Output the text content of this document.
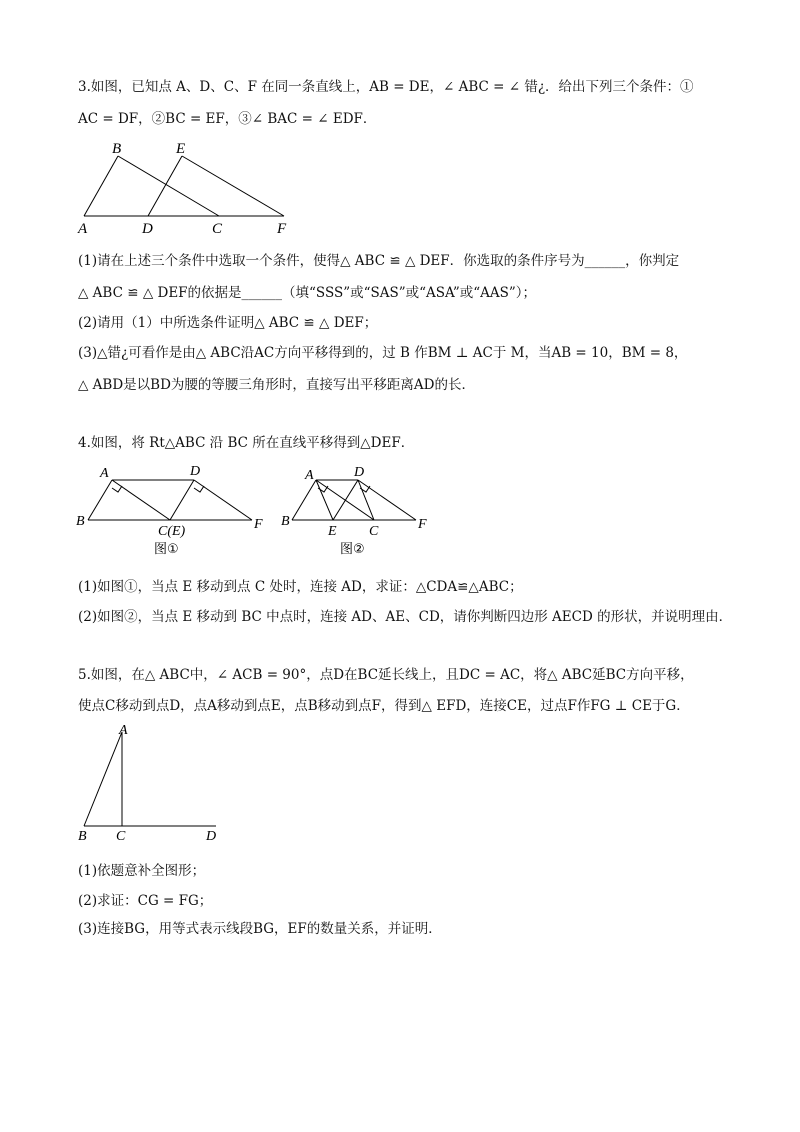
3.如图，已知点 A、D、C、F 在同一条直线上，AB = DE，∠ ABC = ∠ 错¿．给出下列三个条件：①
AC = DF，②BC = EF，③∠ BAC = ∠ EDF．
B	E
A	D	C	F
(1)请在上述三个条件中选取一个条件，使得△ ABC ≌ △ DEF．你选取的条件序号为______，你判定
△ ABC ≌ △ DEF的依据是______（填“SSS”或“SAS”或“ASA”或“AAS”）；
(2)请用（1）中所选条件证明△ ABC ≌ △ DEF；
(3)△错¿可看作是由△ ABC沿AC方向平移得到的，过 B 作BM ⊥ AC于 M，当AB = 10，BM = 8，
△ ABD是以BD为腰的等腰三角形时，直接写出平移距离AD的长．
4.如图，将 Rt△ABC 沿 BC 所在直线平移得到△DEF．
A	D
B
C(E)	F
图①
A	D
B
E C	F
图②
(1)如图①，当点 E 移动到点 C 处时，连接 AD，求证：△CDA≌△ABC；
(2)如图②，当点 E 移动到 BC 中点时，连接 AD、AE、CD，请你判断四边形 AECD 的形状，并说明理由．
5.如图，在△ ABC中，∠ ACB = 90°，点D在BC延长线上，且DC = AC，将△ ABC延BC方向平移，
使点C移动到点D，点A移动到点E，点B移动到点F，得到△ EFD，连接CE，过点F作FG ⊥ CE于G．
A
B C	D
(1)依题意补全图形；
(2)求证：CG = FG；
(3)连接BG，用等式表示线段BG，EF的数量关系，并证明．
